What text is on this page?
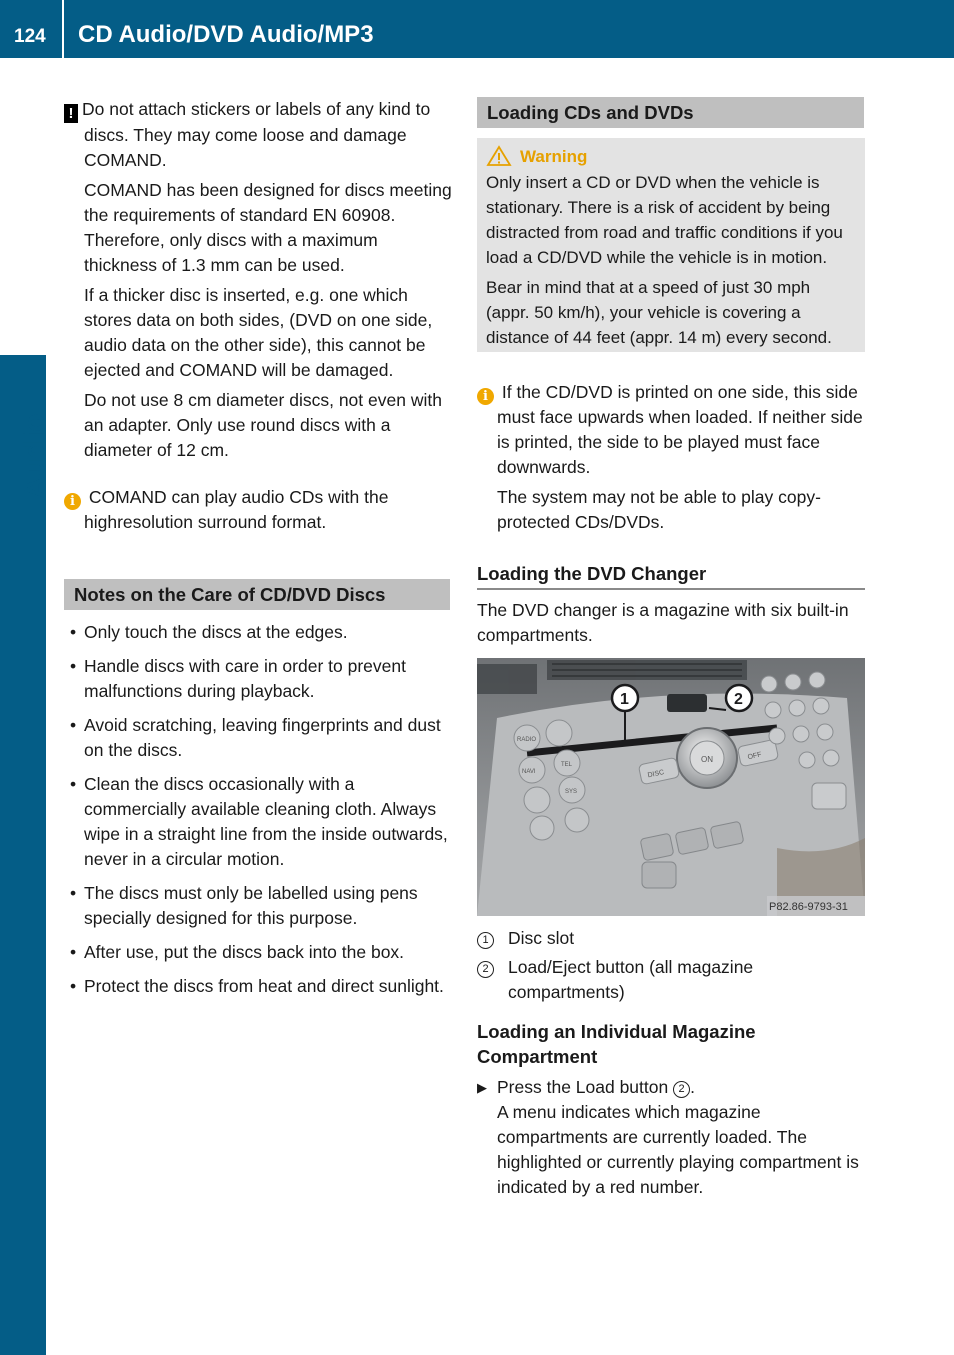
124 CD Audio/DVD Audio/MP3
Audio

! Do not attach stickers or labels of any kind to discs. They may come loose and damage COMAND.

COMAND has been designed for discs meeting the requirements of standard EN 60908. Therefore, only discs with a maximum thickness of 1.3 mm can be used.

If a thicker disc is inserted, e.g. one which stores data on both sides, (DVD on one side, audio data on the other side), this cannot be ejected and COMAND will be damaged.

Do not use 8 cm diameter discs, not even with an adapter. Only use round discs with a diameter of 12 cm.

i COMAND can play audio CDs with the highresolution surround format.

Notes on the Care of CD/DVD Discs
• Only touch the discs at the edges.
• Handle discs with care in order to prevent malfunctions during playback.
• Avoid scratching, leaving fingerprints and dust on the discs.
• Clean the discs occasionally with a commercially available cleaning cloth. Always wipe in a straight line from the inside outwards, never in a circular motion.
• The discs must only be labelled using pens specially designed for this purpose.
• After use, put the discs back into the box.
• Protect the discs from heat and direct sunlight.
Loading CDs and DVDs
Warning

Only insert a CD or DVD when the vehicle is stationary. There is a risk of accident by being distracted from road and traffic conditions if you load a CD/DVD while the vehicle is in motion.

Bear in mind that at a speed of just 30 mph (appr. 50 km/h), your vehicle is covering a distance of 44 feet (appr. 14 m) every second.

i If the CD/DVD is printed on one side, this side must face upwards when loaded. If neither side is printed, the side to be played must face downwards.

The system may not be able to play copy-protected CDs/DVDs.

Loading the DVD Changer

The DVD changer is a magazine with six built-in compartments.

ON
DISC
OFF
RADIO
NAVI
TEL
SYS
1	2
P82.86-9793-31
1	Disc slot
2	Load/Eject button (all magazine compartments)
Loading an Individual Magazine Compartment
▶ Press the Load button 2 .

A menu indicates which magazine compartments are currently loaded. The highlighted or currently playing compartment is indicated by a red number.
